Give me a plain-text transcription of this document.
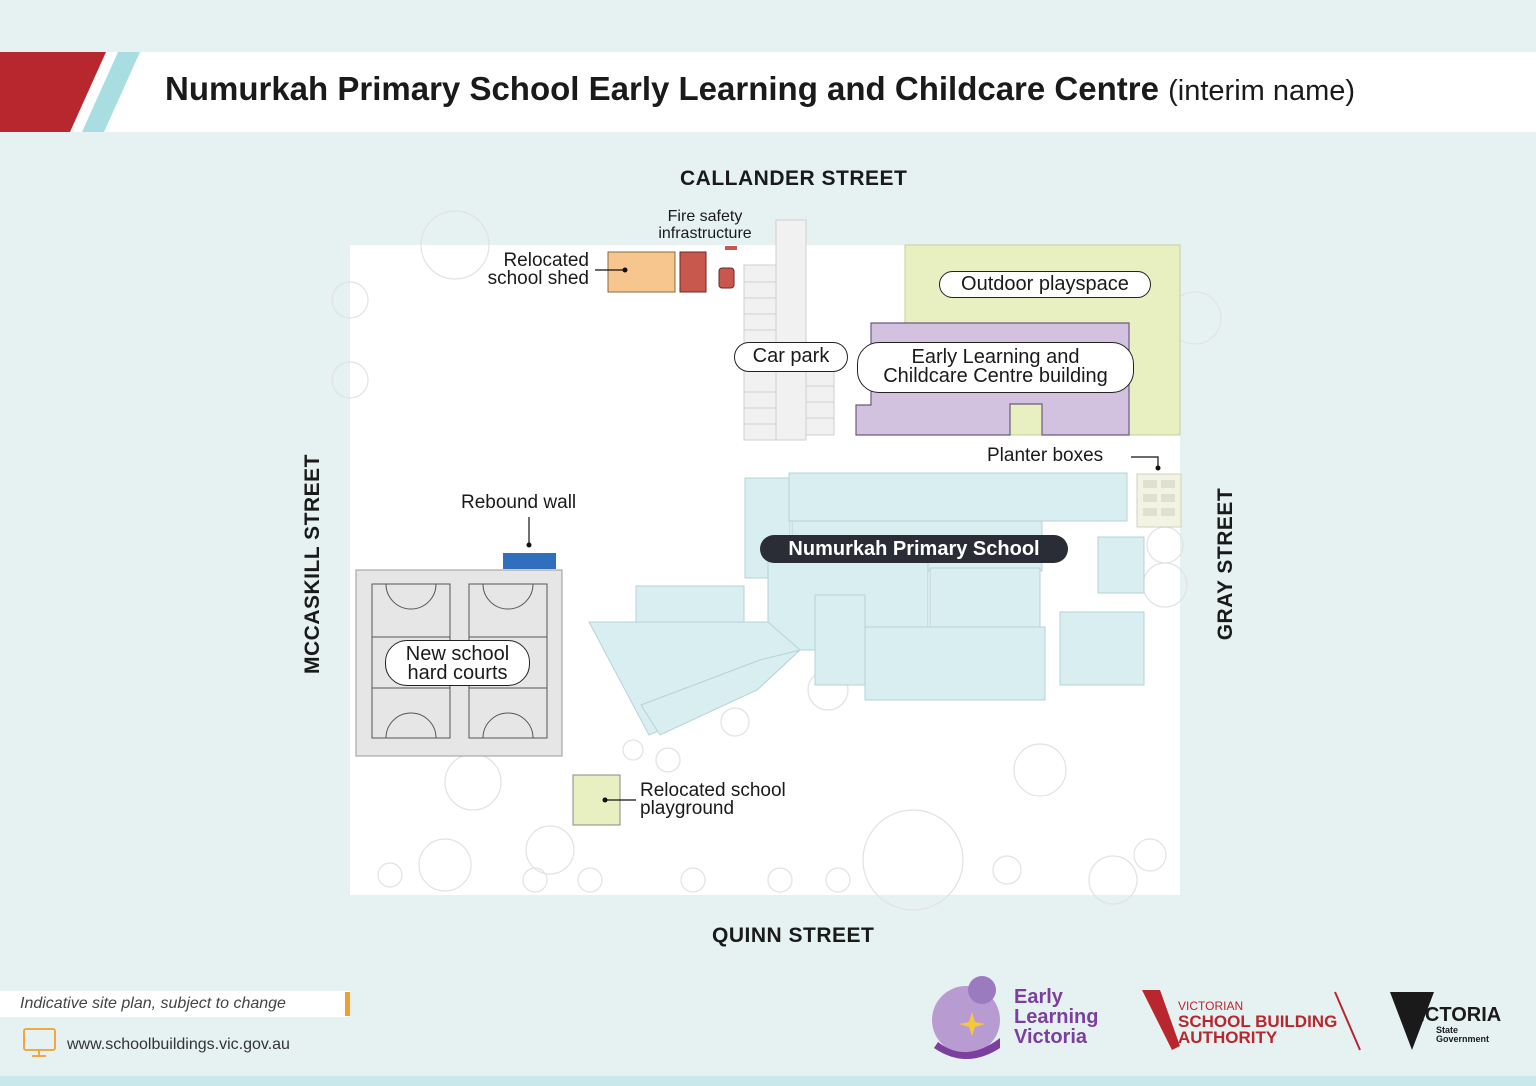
Numurkah Primary School Early Learning and Childcare Centre (interim name)
CALLANDER STREET
QUINN STREET
MCCASKILL STREET	GRAY STREET
Fire safety
infrastructure
Relocated
school shed	Outdoor playspace
Car park	Early Learning and
Childcare Centre building
Planter boxes
Rebound wall
Numurkah Primary School
New school
hard courts
Relocated school
playground
Indicative site plan, subject to change
www.schoolbuildings.vic.gov.au
Early
Learning
Victoria
VICTORIAN
SCHOOL BUILDING
AUTHORITY
VICTORIA
State
Government
